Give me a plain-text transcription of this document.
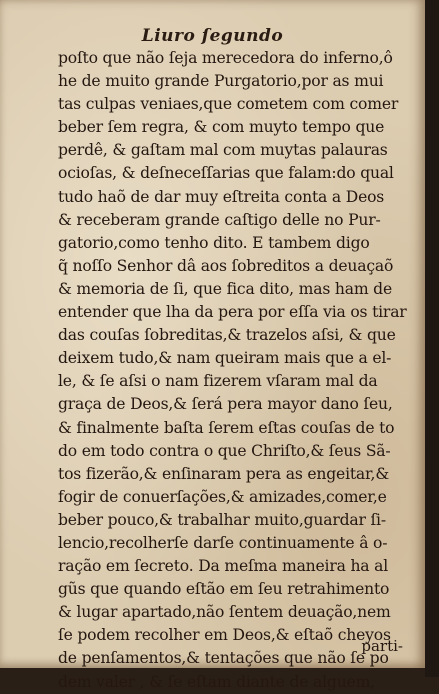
Liuro ſegundo
poſto que não ſeja merecedora do inferno,ô
he de muito grande Purgatorio,por as mui
tas culpas veniaes,que cometem com comer
beber ſem regra, & com muyto tempo que
perdê, & gaſtam mal com muytas palauras
ocioſas, & deſneceſſarias que falam:do qual
tudo haõ de dar muy eſtreita conta a Deos
& receberam grande caſtigo delle no Pur-
gatorio,como tenho dito. E tambem digo
q̃ noſſo Senhor dâ aos ſobreditos a deuaçaõ
& memoria de ſi, que fica dito, mas ham de
entender que lha da pera por eſſa via os tirar
das couſas ſobreditas,& trazelos aſsi, & que
deixem tudo,& nam queiram mais que a el-
le, & ſe aſsi o nam fizerem vſaram mal da
graça de Deos,& ſerá pera mayor dano ſeu,
& finalmente baſta ſerem eſtas couſas de to
do em todo contra o que Chriſto,& ſeus Sã-
tos fizerão,& enſinaram pera as engeitar,&
fogir de conuerſações,& amizades,comer,e
beber pouco,& trabalhar muito,guardar ſi-
lencio,recolherſe darſe continuamente â o-
ração em ſecreto. Da meſma maneira ha al
gũs que quando eſtão em ſeu retrahimento
& lugar apartado,não ſentem deuação,nem
ſe podem recolher em Deos,& eſtaõ cheyos
de penſamentos,& tentações que não ſe po
dem valer , & ſe eſtam diante de alguem,
parti-
